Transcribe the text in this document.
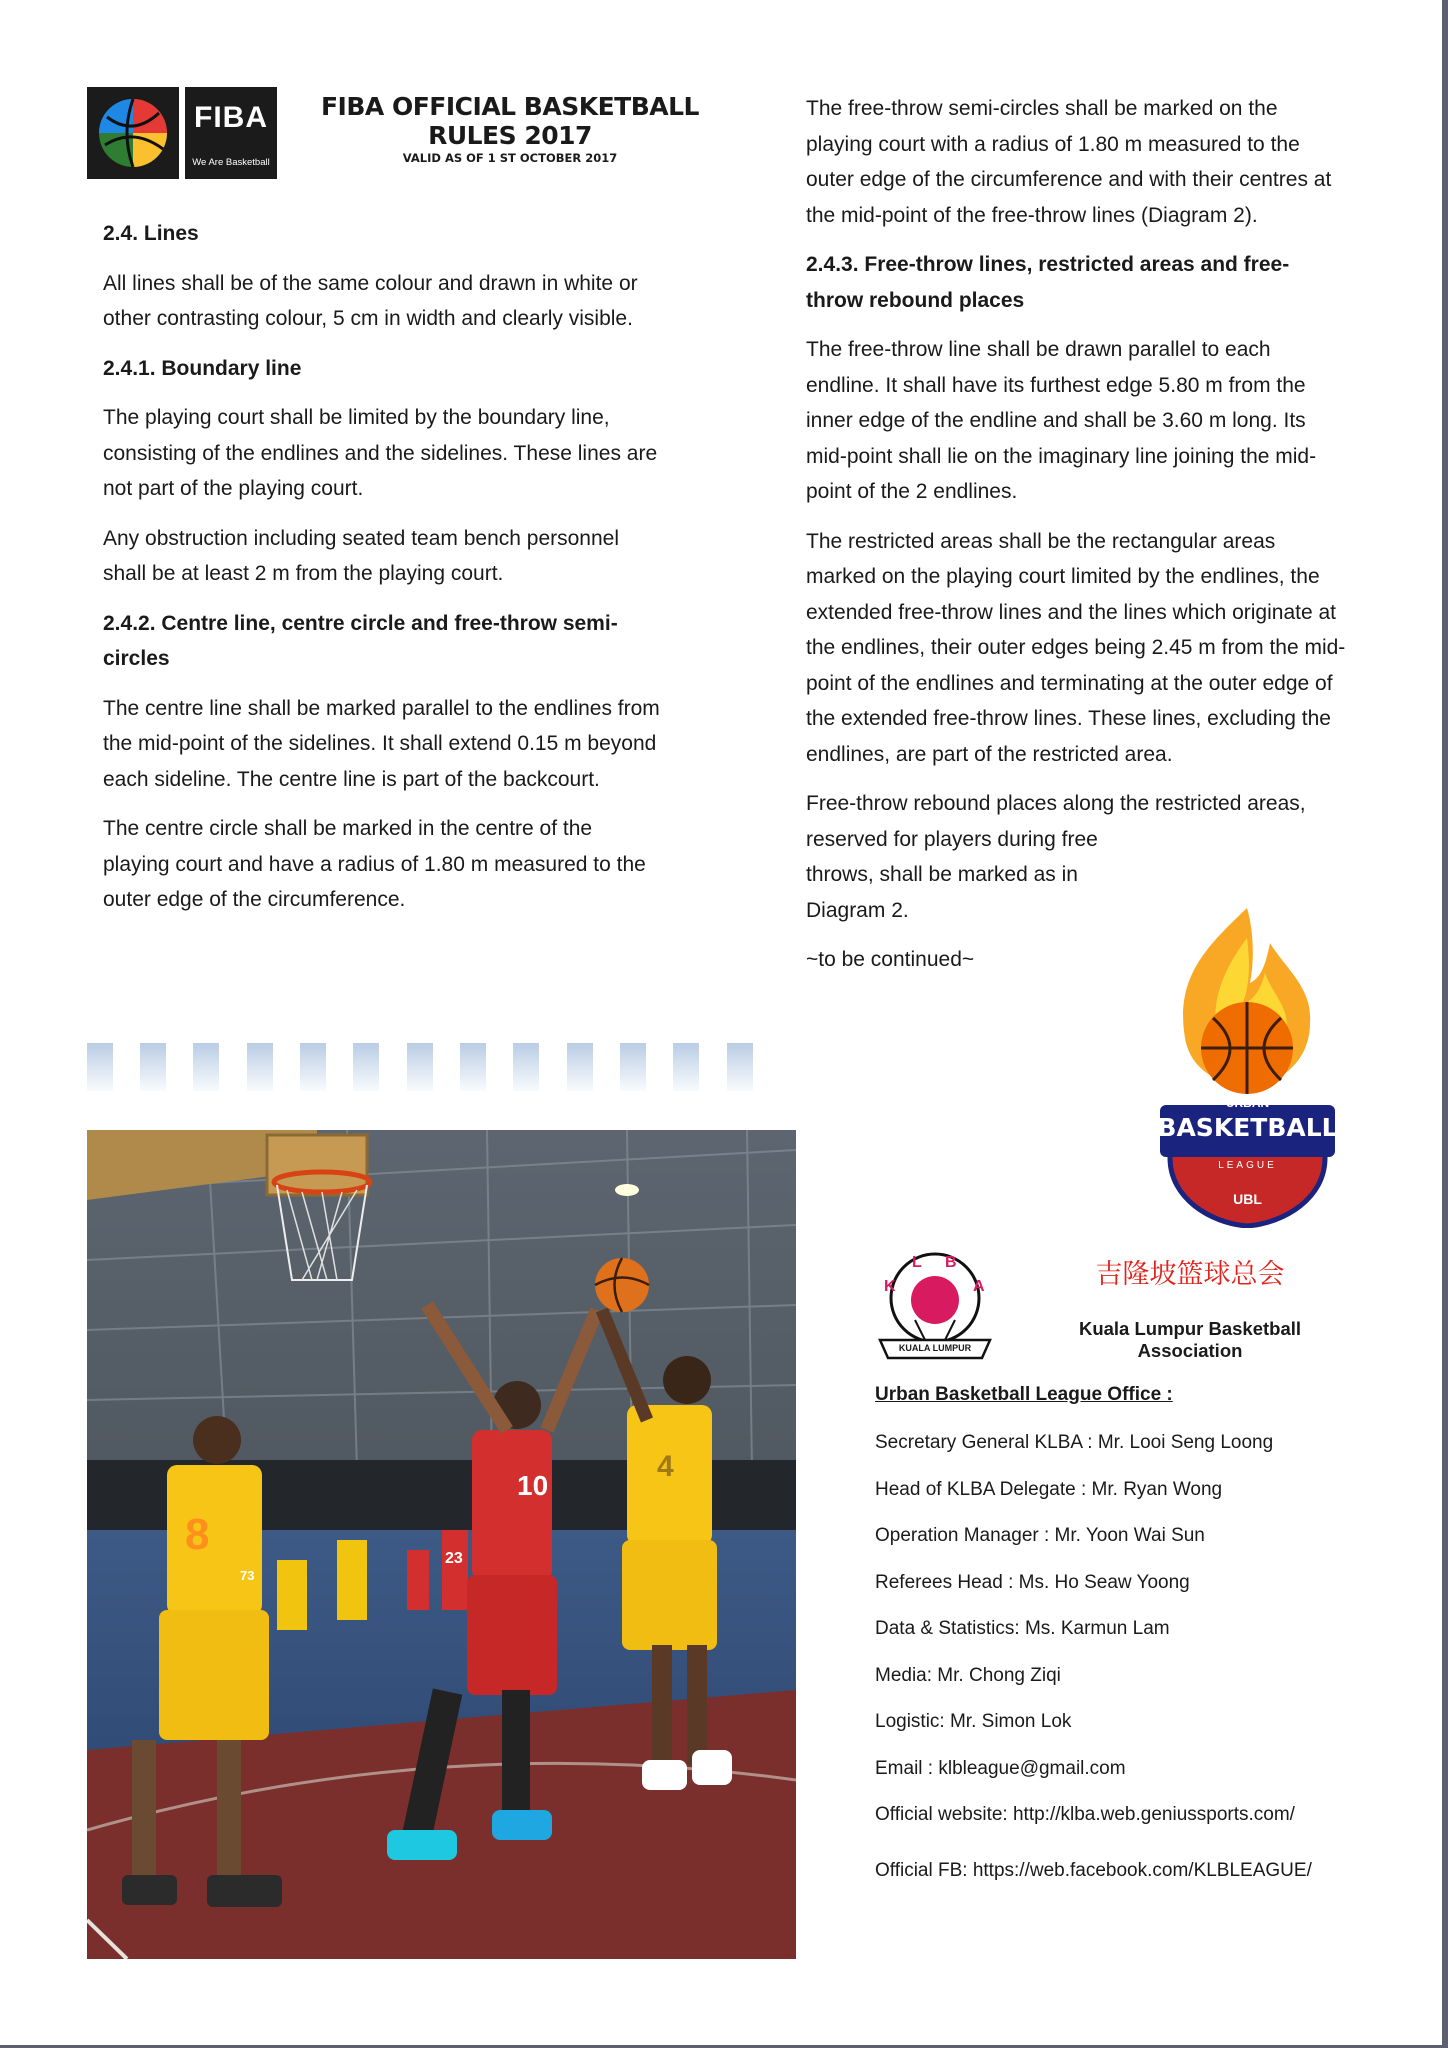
FIBA
We Are Basketball
FIBA OFFICIAL BASKETBALL RULES 2017
VALID AS OF 1 ST OCTOBER 2017

2.4. Lines

All lines shall be of the same colour and drawn in white or other contrasting colour, 5 cm in width and clearly visible.

2.4.1. Boundary line

The playing court shall be limited by the boundary line, consisting of the endlines and the sidelines. These lines are not part of the playing court.

Any obstruction including seated team bench personnel shall be at least 2 m from the playing court.

2.4.2. Centre line, centre circle and free-throw semi-
circles

The centre line shall be marked parallel to the endlines from the mid-point of the sidelines. It shall extend 0.15 m beyond each sideline. The centre line is part of the backcourt.

The centre circle shall be marked in the centre of the playing court and have a radius of 1.80 m measured to the outer edge of the circumference.

The free-throw semi-circles shall be marked on the playing court with a radius of 1.80 m measured to the outer edge of the circumference and with their centres at the mid-point of the free-throw lines (Diagram 2).

2.4.3. Free-throw lines, restricted areas and free-
throw rebound places

The free-throw line shall be drawn parallel to each endline. It shall have its furthest edge 5.80 m from the inner edge of the endline and shall be 3.60 m long. Its mid-point shall lie on the imaginary line joining the mid-point of the 2 endlines.

The restricted areas shall be the rectangular areas marked on the playing court limited by the endlines, the extended free-throw lines and the lines which originate at the endlines, their outer edges being 2.45 m from the mid-point of the endlines and terminating at the outer edge of the extended free-throw lines. These lines, excluding the endlines, are part of the restricted area.

Free-throw rebound places along the restricted areas,
reserved for players during free
throws, shall be marked as in
Diagram 2.

~to be continued~

8
10
4
23
73
URBAN
BASKETBALL
LEAGUE
UBL
K
L B
A
KUALA LUMPUR
吉隆坡篮球总会
Kuala Lumpur Basketball Association
Urban Basketball League Office :
Secretary General KLBA : Mr. Looi Seng Loong
Head of KLBA Delegate : Mr. Ryan Wong
Operation Manager : Mr. Yoon Wai Sun
Referees Head : Ms. Ho Seaw Yoong
Data & Statistics: Ms. Karmun Lam
Media: Mr. Chong Ziqi
Logistic: Mr. Simon Lok
Email : klbleague@gmail.com
Official website: http://klba.web.geniussports.com/
Official FB: https://web.facebook.com/KLBLEAGUE/
